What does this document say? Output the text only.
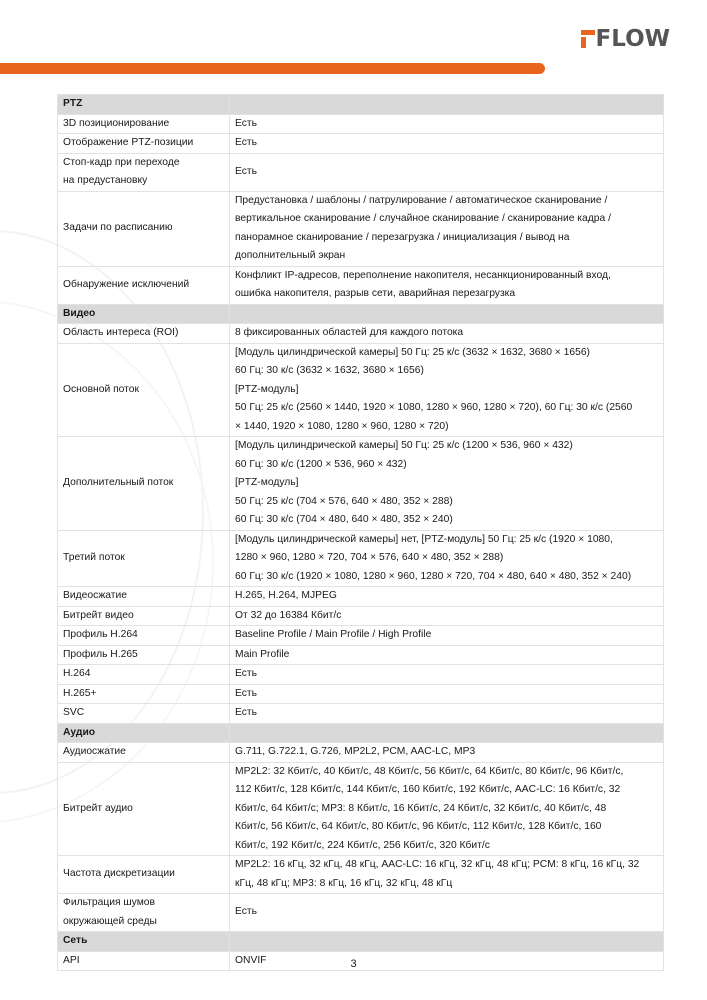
FLOW
PTZ	
3D позиционирование	Есть
Отображение PTZ-позиции	Есть
Стоп-кадр при переходе
на предустановку	Есть
Задачи по расписанию	Предустановка / шаблоны / патрулирование / автоматическое сканирование /
вертикальное сканирование / случайное сканирование / сканирование кадра /
панорамное сканирование / перезагрузка / инициализация / вывод на
дополнительный экран
Обнаружение исключений	Конфликт IP-адресов, переполнение накопителя, несанкционированный вход,
ошибка накопителя, разрыв сети, аварийная перезагрузка
Видео	
Область интереса (ROI)	8 фиксированных областей для каждого потока
Основной поток	[Модуль цилиндрической камеры] 50 Гц: 25 к/с (3632 × 1632, 3680 × 1656)
60 Гц: 30 к/с (3632 × 1632, 3680 × 1656)
[PTZ-модуль]
50 Гц: 25 к/с (2560 × 1440, 1920 × 1080, 1280 × 960, 1280 × 720), 60 Гц: 30 к/с (2560
× 1440, 1920 × 1080, 1280 × 960, 1280 × 720)
Дополнительный поток	[Модуль цилиндрической камеры] 50 Гц: 25 к/с (1200 × 536, 960 × 432)
60 Гц: 30 к/с (1200 × 536, 960 × 432)
[PTZ-модуль]
50 Гц: 25 к/с (704 × 576, 640 × 480, 352 × 288)
60 Гц: 30 к/с (704 × 480, 640 × 480, 352 × 240)
Третий поток	[Модуль цилиндрической камеры] нет, [PTZ-модуль] 50 Гц: 25 к/с (1920 × 1080,
1280 × 960, 1280 × 720, 704 × 576, 640 × 480, 352 × 288)
60 Гц: 30 к/с (1920 × 1080, 1280 × 960, 1280 × 720, 704 × 480, 640 × 480, 352 × 240)
Видеосжатие	H.265, H.264, MJPEG
Битрейт видео	От 32 до 16384 Кбит/с
Профиль H.264	Baseline Profile / Main Profile / High Profile
Профиль H.265	Main Profile
H.264	Есть
H.265+	Есть
SVC	Есть
Аудио	
Аудиосжатие	G.711, G.722.1, G.726, MP2L2, PCM, AAC-LC, MP3
Битрейт аудио	MP2L2: 32 Кбит/с, 40 Кбит/с, 48 Кбит/с, 56 Кбит/с, 64 Кбит/с, 80 Кбит/с, 96 Кбит/с,
112 Кбит/с, 128 Кбит/с, 144 Кбит/с, 160 Кбит/с, 192 Кбит/с, AAC-LC: 16 Кбит/с, 32
Кбит/с, 64 Кбит/с; MP3: 8 Кбит/с, 16 Кбит/с, 24 Кбит/с, 32 Кбит/с, 40 Кбит/с, 48
Кбит/с, 56 Кбит/с, 64 Кбит/с, 80 Кбит/с, 96 Кбит/с, 112 Кбит/с, 128 Кбит/с, 160
Кбит/с, 192 Кбит/с, 224 Кбит/с, 256 Кбит/с, 320 Кбит/с
Частота дискретизации	MP2L2: 16 кГц, 32 кГц, 48 кГц, AAC-LC: 16 кГц, 32 кГц, 48 кГц; PCM: 8 кГц, 16 кГц, 32
кГц, 48 кГц; MP3: 8 кГц, 16 кГц, 32 кГц, 48 кГц
Фильтрация шумов
окружающей среды	Есть
Сеть	
API	ONVIF	3
